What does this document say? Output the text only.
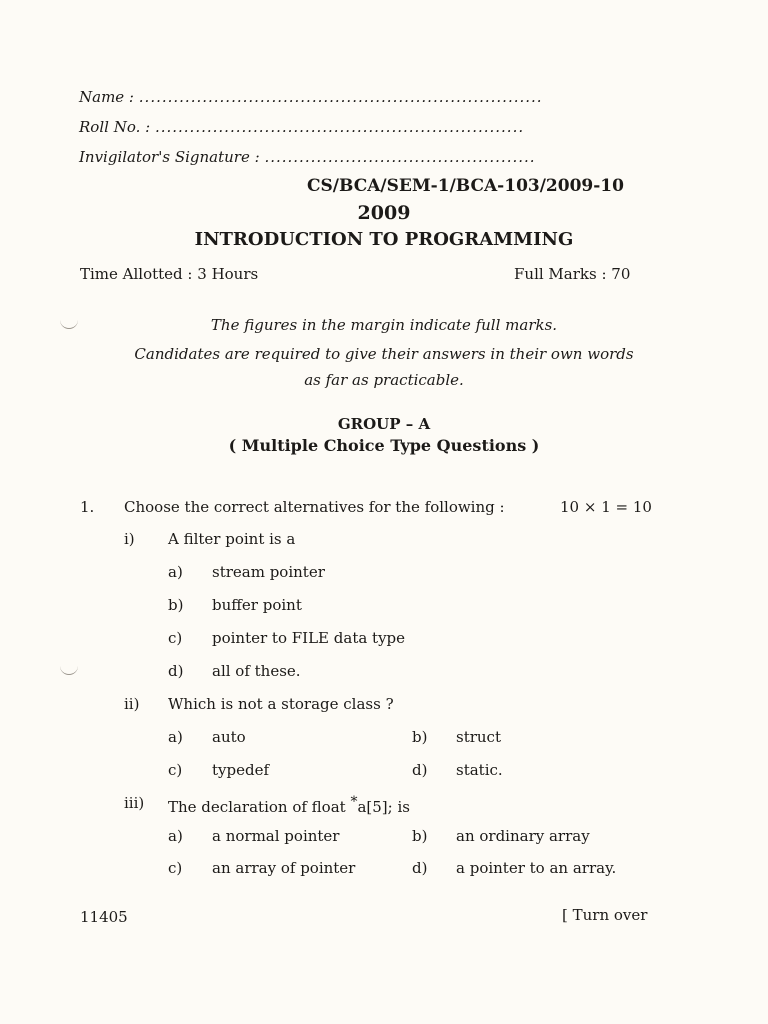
Name : ......................................................................
Roll No. : ................................................................
Invigilator's Signature : ...............................................
CS/BCA/SEM-1/BCA-103/2009-10
2009
INTRODUCTION TO PROGRAMMING
Time Allotted : 3 Hours	Full Marks : 70
The figures in the margin indicate full marks.
Candidates are required to give their answers in their own words
as far as practicable.
GROUP – A
( Multiple Choice Type Questions )
1. Choose the correct alternatives for the following :	10 × 1 = 10
i) A filter point is a
a) stream pointer
b) buffer point
c) pointer to FILE data type
d) all of these.
ii) Which is not a storage class ?
a) auto	b) struct
c) typedef	d) static.
iii) The declaration of float *a[5]; is
a) a normal pointer	b) an ordinary array
c) an array of pointer	d) a pointer to an array.
11405	[ Turn over
